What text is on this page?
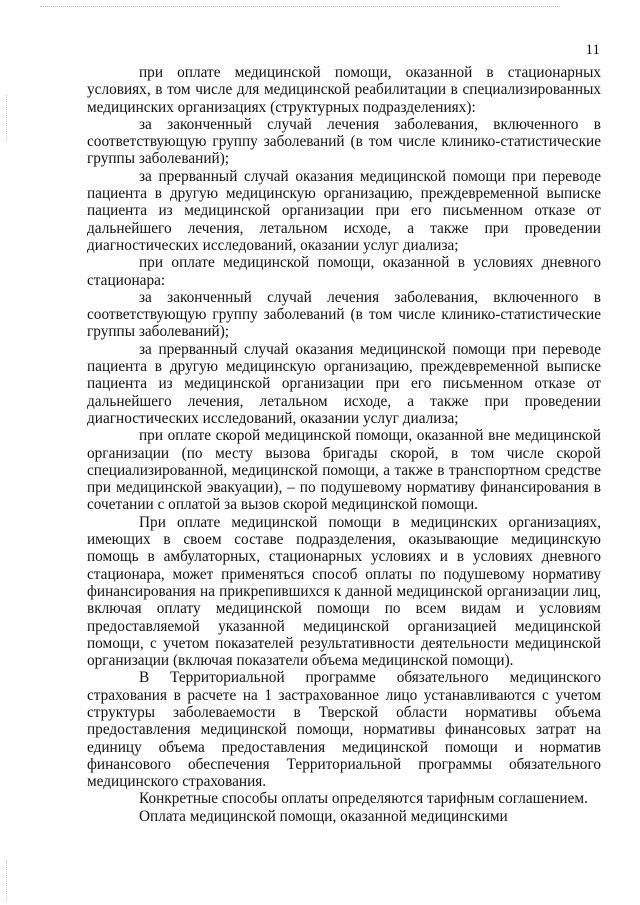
11

при оплате медицинской помощи, оказанной в стационарных условиях, в том числе для медицинской реабилитации в специализированных медицинских организациях (структурных подразделениях):

за законченный случай лечения заболевания, включенного в соответствующую группу заболеваний (в том числе клинико-статистические группы заболеваний);

за прерванный случай оказания медицинской помощи при переводе пациента в другую медицинскую организацию, преждевременной выписке пациента из медицинской организации при его письменном отказе от дальнейшего лечения, летальном исходе, а также при проведении диагностических исследований, оказании услуг диализа;

при оплате медицинской помощи, оказанной в условиях дневного стационара:

за законченный случай лечения заболевания, включенного в соответствующую группу заболеваний (в том числе клинико-статистические группы заболеваний);

за прерванный случай оказания медицинской помощи при переводе пациента в другую медицинскую организацию, преждевременной выписке пациента из медицинской организации при его письменном отказе от дальнейшего лечения, летальном исходе, а также при проведении диагностических исследований, оказании услуг диализа;

при оплате скорой медицинской помощи, оказанной вне медицинской организации (по месту вызова бригады скорой, в том числе скорой специализированной, медицинской помощи, а также в транспортном средстве при медицинской эвакуации), – по подушевому нормативу финансирования в сочетании с оплатой за вызов скорой медицинской помощи.

При оплате медицинской помощи в медицинских организациях, имеющих в своем составе подразделения, оказывающие медицинскую помощь в амбулаторных, стационарных условиях и в условиях дневного стационара, может применяться способ оплаты по подушевому нормативу финансирования на прикрепившихся к данной медицинской организации лиц, включая оплату медицинской помощи по всем видам и условиям предоставляемой указанной медицинской организацией медицинской помощи, с учетом показателей результативности деятельности медицинской организации (включая показатели объема медицинской помощи).

В Территориальной программе обязательного медицинского страхования в расчете на 1 застрахованное лицо устанавливаются с учетом структуры заболеваемости в Тверской области нормативы объема предоставления медицинской помощи, нормативы финансовых затрат на единицу объема предоставления медицинской помощи и норматив финансового обеспечения Территориальной программы обязательного медицинского страхования.

Конкретные способы оплаты определяются тарифным соглашением.

Оплата медицинской помощи, оказанной медицинскими
